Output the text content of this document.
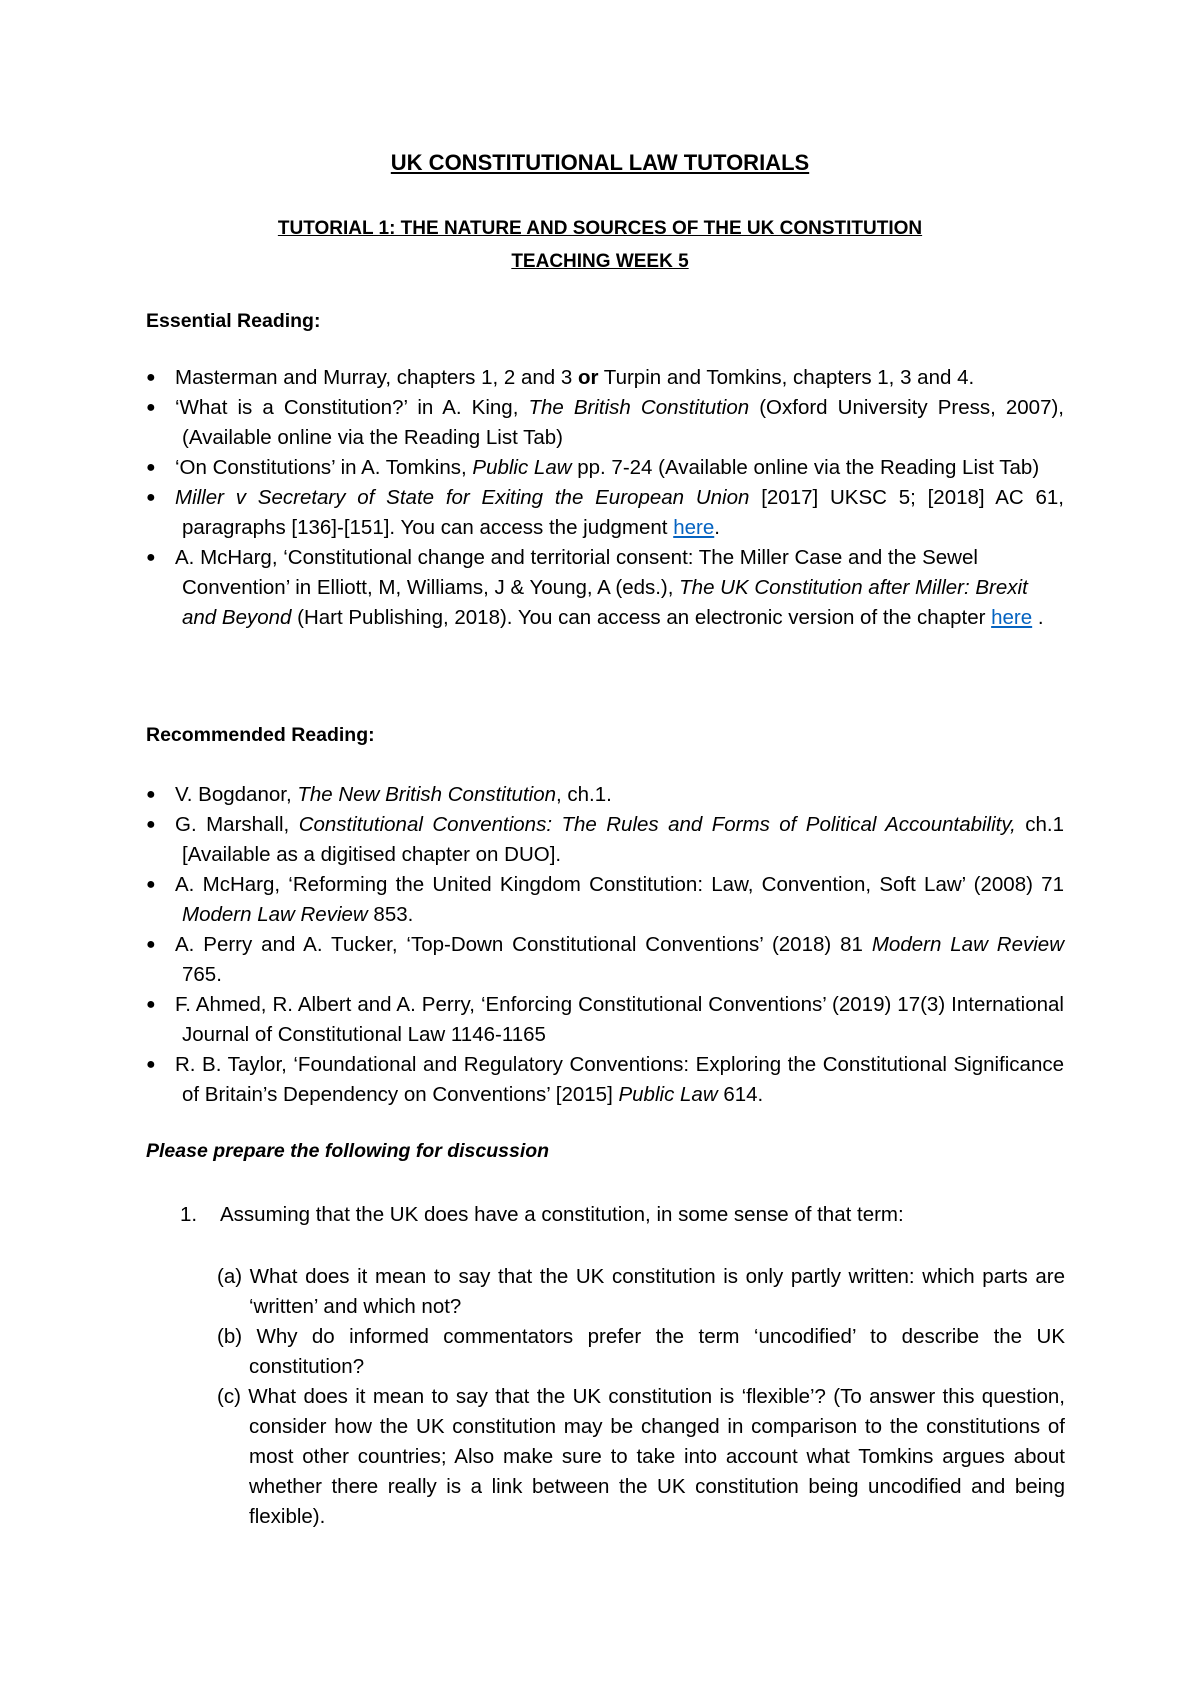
UK CONSTITUTIONAL LAW TUTORIALS
TUTORIAL 1: THE NATURE AND SOURCES OF THE UK CONSTITUTION
TEACHING WEEK 5
Essential Reading:
● Masterman and Murray, chapters 1, 2 and 3 or Turpin and Tomkins, chapters 1, 3 and 4.
● ‘What is a Constitution?’ in A. King, The British Constitution (Oxford University Press, 2007), (Available online via the Reading List Tab)
● ‘On Constitutions’ in A. Tomkins, Public Law pp. 7-24 (Available online via the Reading List Tab)
● Miller v Secretary of State for Exiting the European Union [2017] UKSC 5; [2018] AC 61, paragraphs [136]-[151]. You can access the judgment here.
● A. McHarg, ‘Constitutional change and territorial consent: The Miller Case and the Sewel Convention’ in Elliott, M, Williams, J & Young, A (eds.), The UK Constitution after Miller: Brexit and Beyond (Hart Publishing, 2018). You can access an electronic version of the chapter here .
Recommended Reading:
● V. Bogdanor, The New British Constitution, ch.1.
● G. Marshall, Constitutional Conventions: The Rules and Forms of Political Accountability, ch.1 [Available as a digitised chapter on DUO].
● A. McHarg, ‘Reforming the United Kingdom Constitution: Law, Convention, Soft Law’ (2008) 71 Modern Law Review 853.
● A. Perry and A. Tucker, ‘Top-Down Constitutional Conventions’ (2018) 81 Modern Law Review 765.
● F. Ahmed, R. Albert and A. Perry, ‘Enforcing Constitutional Conventions’ (2019) 17(3) International Journal of Constitutional Law 1146-1165
● R. B. Taylor, ‘Foundational and Regulatory Conventions: Exploring the Constitutional Significance of Britain’s Dependency on Conventions’ [2015] Public Law 614.
Please prepare the following for discussion
1.	Assuming that the UK does have a constitution, in some sense of that term:
(a) What does it mean to say that the UK constitution is only partly written: which parts are ‘written’ and which not?
(b) Why do informed commentators prefer the term ‘uncodified’ to describe the UK constitution?
(c) What does it mean to say that the UK constitution is ‘flexible’? (To answer this question, consider how the UK constitution may be changed in comparison to the constitutions of most other countries; Also make sure to take into account what Tomkins argues about whether there really is a link between the UK constitution being uncodified and being flexible).
